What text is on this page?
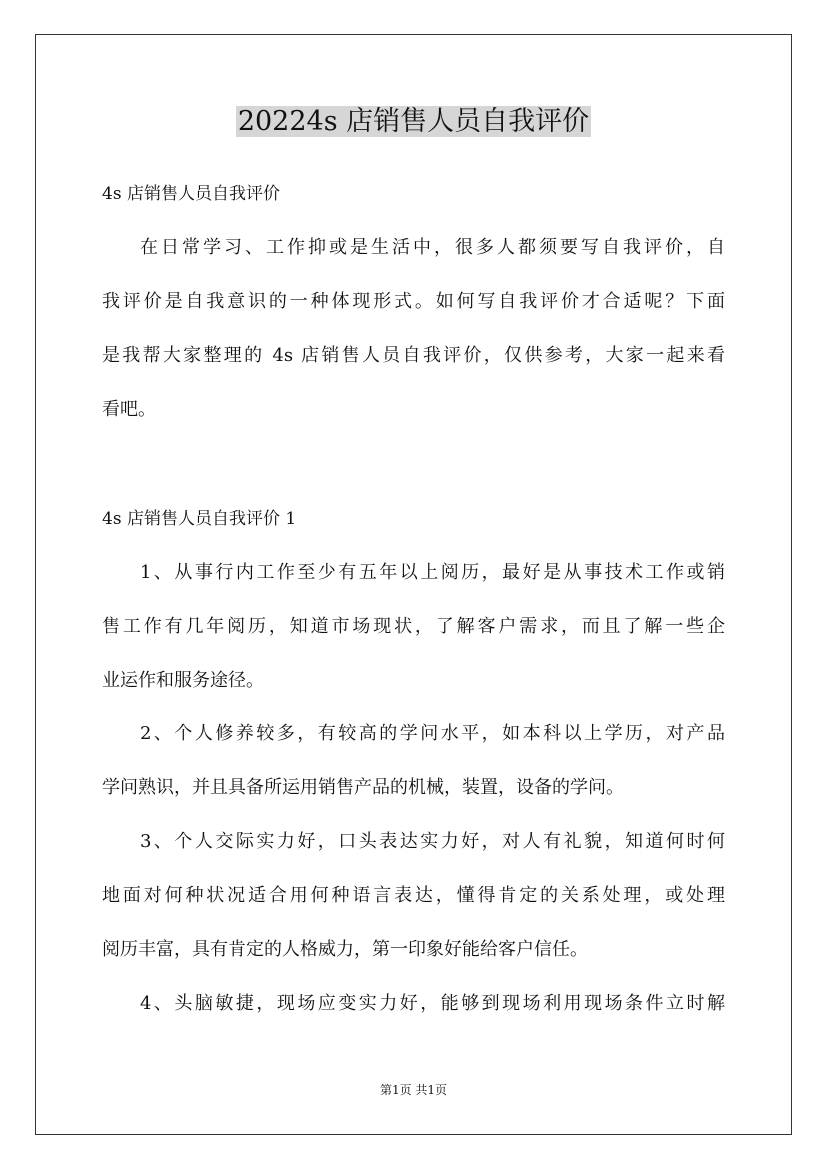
20224s 店销售人员自我评价
4s 店销售人员自我评价
在日常学习、工作抑或是生活中，很多人都须要写自我评价，自
我评价是自我意识的一种体现形式。如何写自我评价才合适呢？下面
是我帮大家整理的 4s 店销售人员自我评价，仅供参考，大家一起来看
看吧。
4s 店销售人员自我评价 1
1、从事行内工作至少有五年以上阅历，最好是从事技术工作或销
售工作有几年阅历，知道市场现状，了解客户需求，而且了解一些企
业运作和服务途径。
2、个人修养较多，有较高的学问水平，如本科以上学历，对产品
学问熟识，并且具备所运用销售产品的机械，装置，设备的学问。
3、个人交际实力好，口头表达实力好，对人有礼貌，知道何时何
地面对何种状况适合用何种语言表达，懂得肯定的关系处理，或处理
阅历丰富，具有肯定的人格威力，第一印象好能给客户信任。
4、头脑敏捷，现场应变实力好，能够到现场利用现场条件立时解
第1页 共1页
